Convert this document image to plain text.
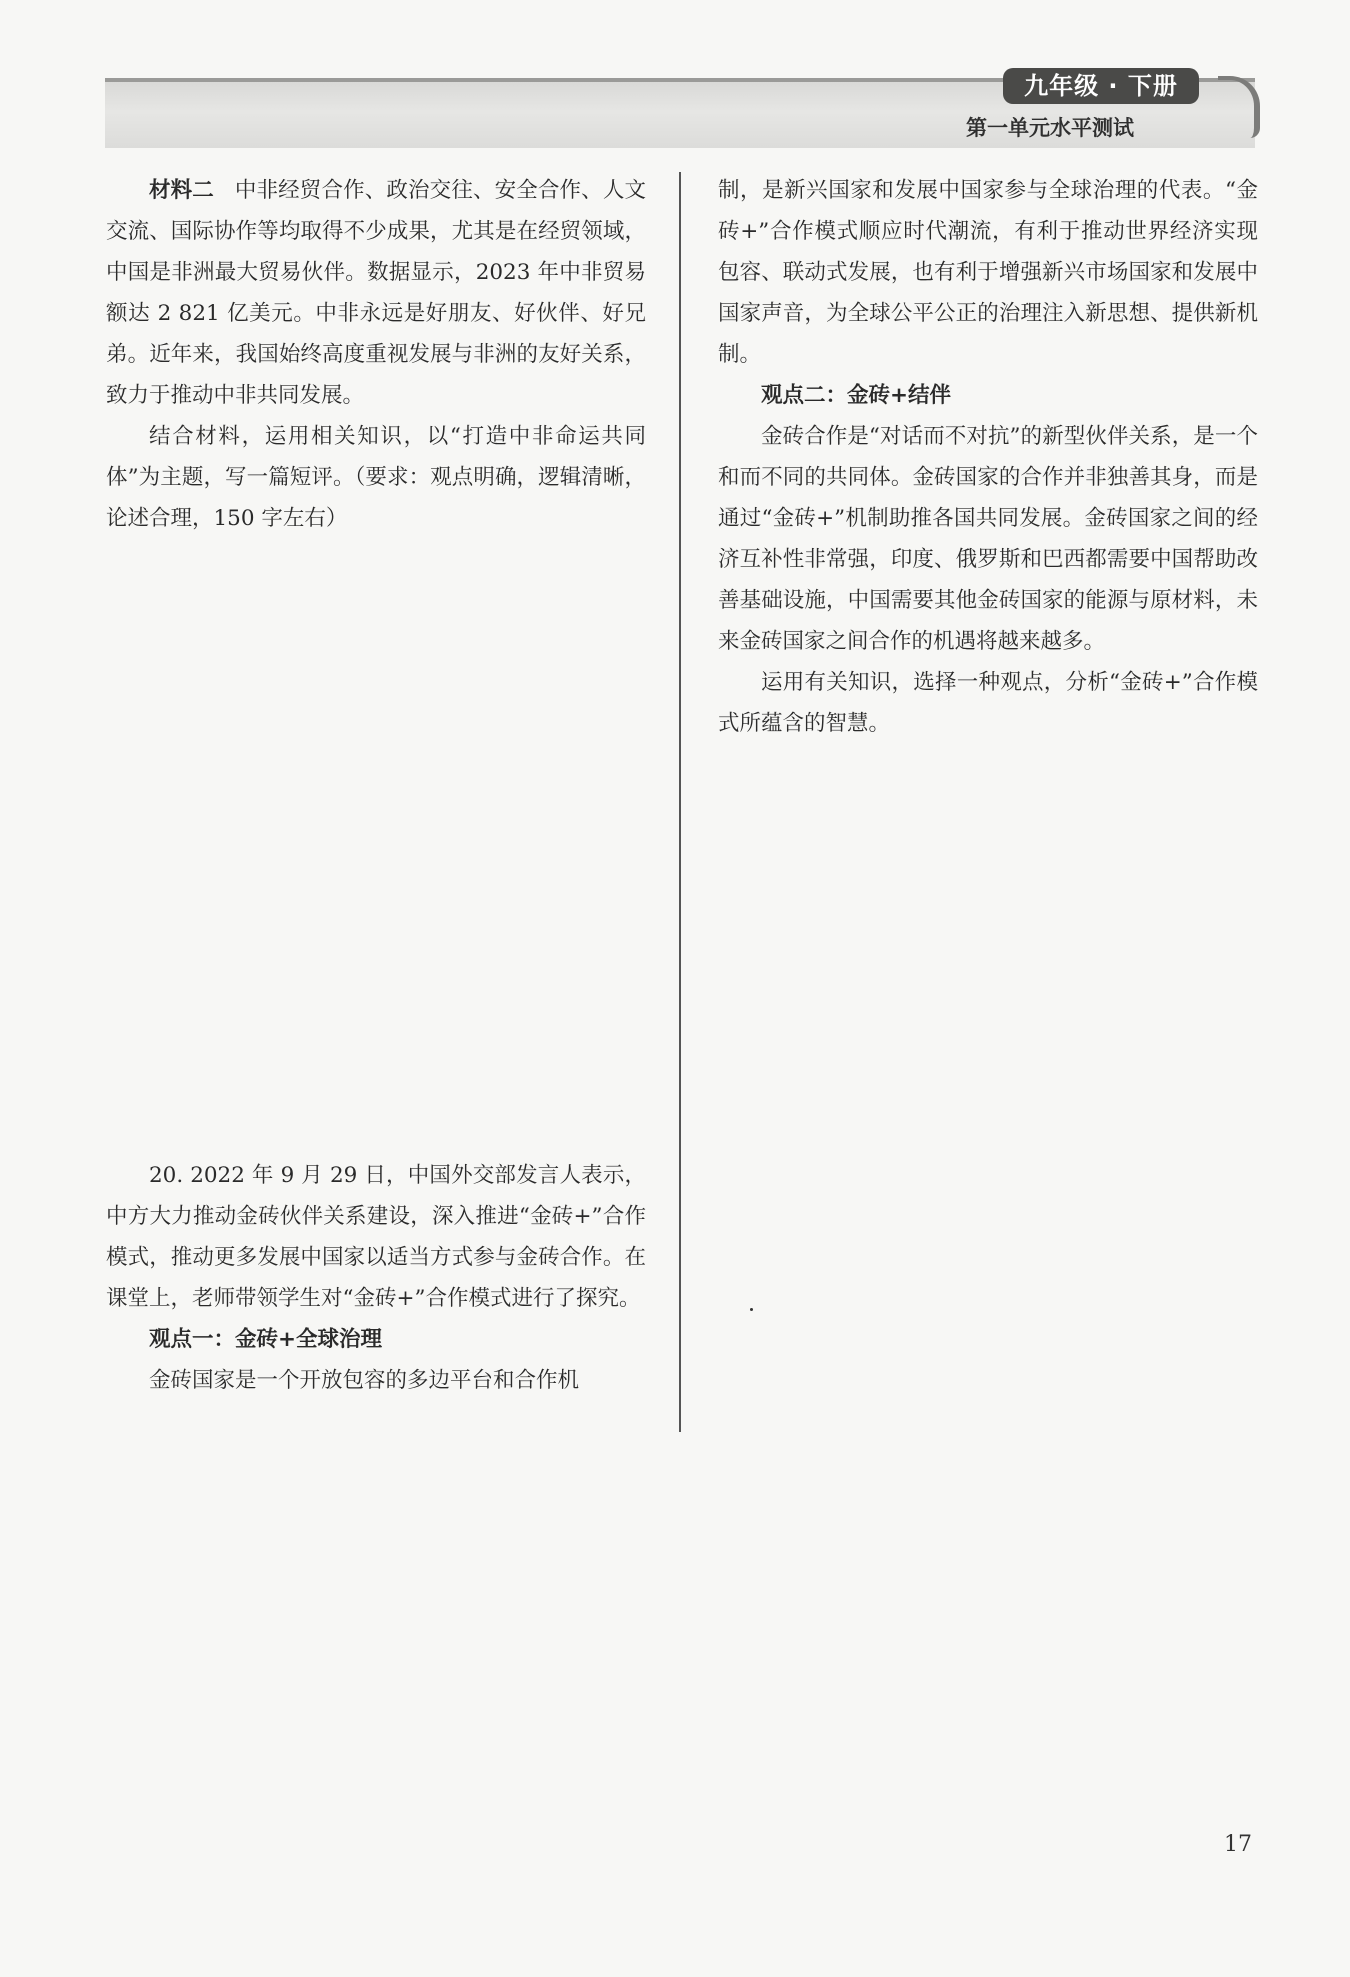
九年级 · 下册
第一单元水平测试

材料二 中非经贸合作、政治交往、安全合作、人文交流、国际协作等均取得不少成果，尤其是在经贸领域，中国是非洲最大贸易伙伴。数据显示，2023 年中非贸易额达 2 821 亿美元。中非永远是好朋友、好伙伴、好兄弟。近年来，我国始终高度重视发展与非洲的友好关系，致力于推动中非共同发展。

结合材料，运用相关知识，以“打造中非命运共同体”为主题，写一篇短评。（要求：观点明确，逻辑清晰，论述合理，150 字左右）

20. 2022 年 9 月 29 日，中国外交部发言人表示，中方大力推动金砖伙伴关系建设，深入推进“金砖+”合作模式，推动更多发展中国家以适当方式参与金砖合作。在课堂上，老师带领学生对“金砖+”合作模式进行了探究。

观点一：金砖+全球治理

金砖国家是一个开放包容的多边平台和合作机

制，是新兴国家和发展中国家参与全球治理的代表。“金砖+”合作模式顺应时代潮流，有利于推动世界经济实现包容、联动式发展，也有利于增强新兴市场国家和发展中国家声音，为全球公平公正的治理注入新思想、提供新机制。

观点二：金砖+结伴

金砖合作是“对话而不对抗”的新型伙伴关系，是一个和而不同的共同体。金砖国家的合作并非独善其身，而是通过“金砖+”机制助推各国共同发展。金砖国家之间的经济互补性非常强，印度、俄罗斯和巴西都需要中国帮助改善基础设施，中国需要其他金砖国家的能源与原材料，未来金砖国家之间合作的机遇将越来越多。

运用有关知识，选择一种观点，分析“金砖+”合作模式所蕴含的智慧。

17
